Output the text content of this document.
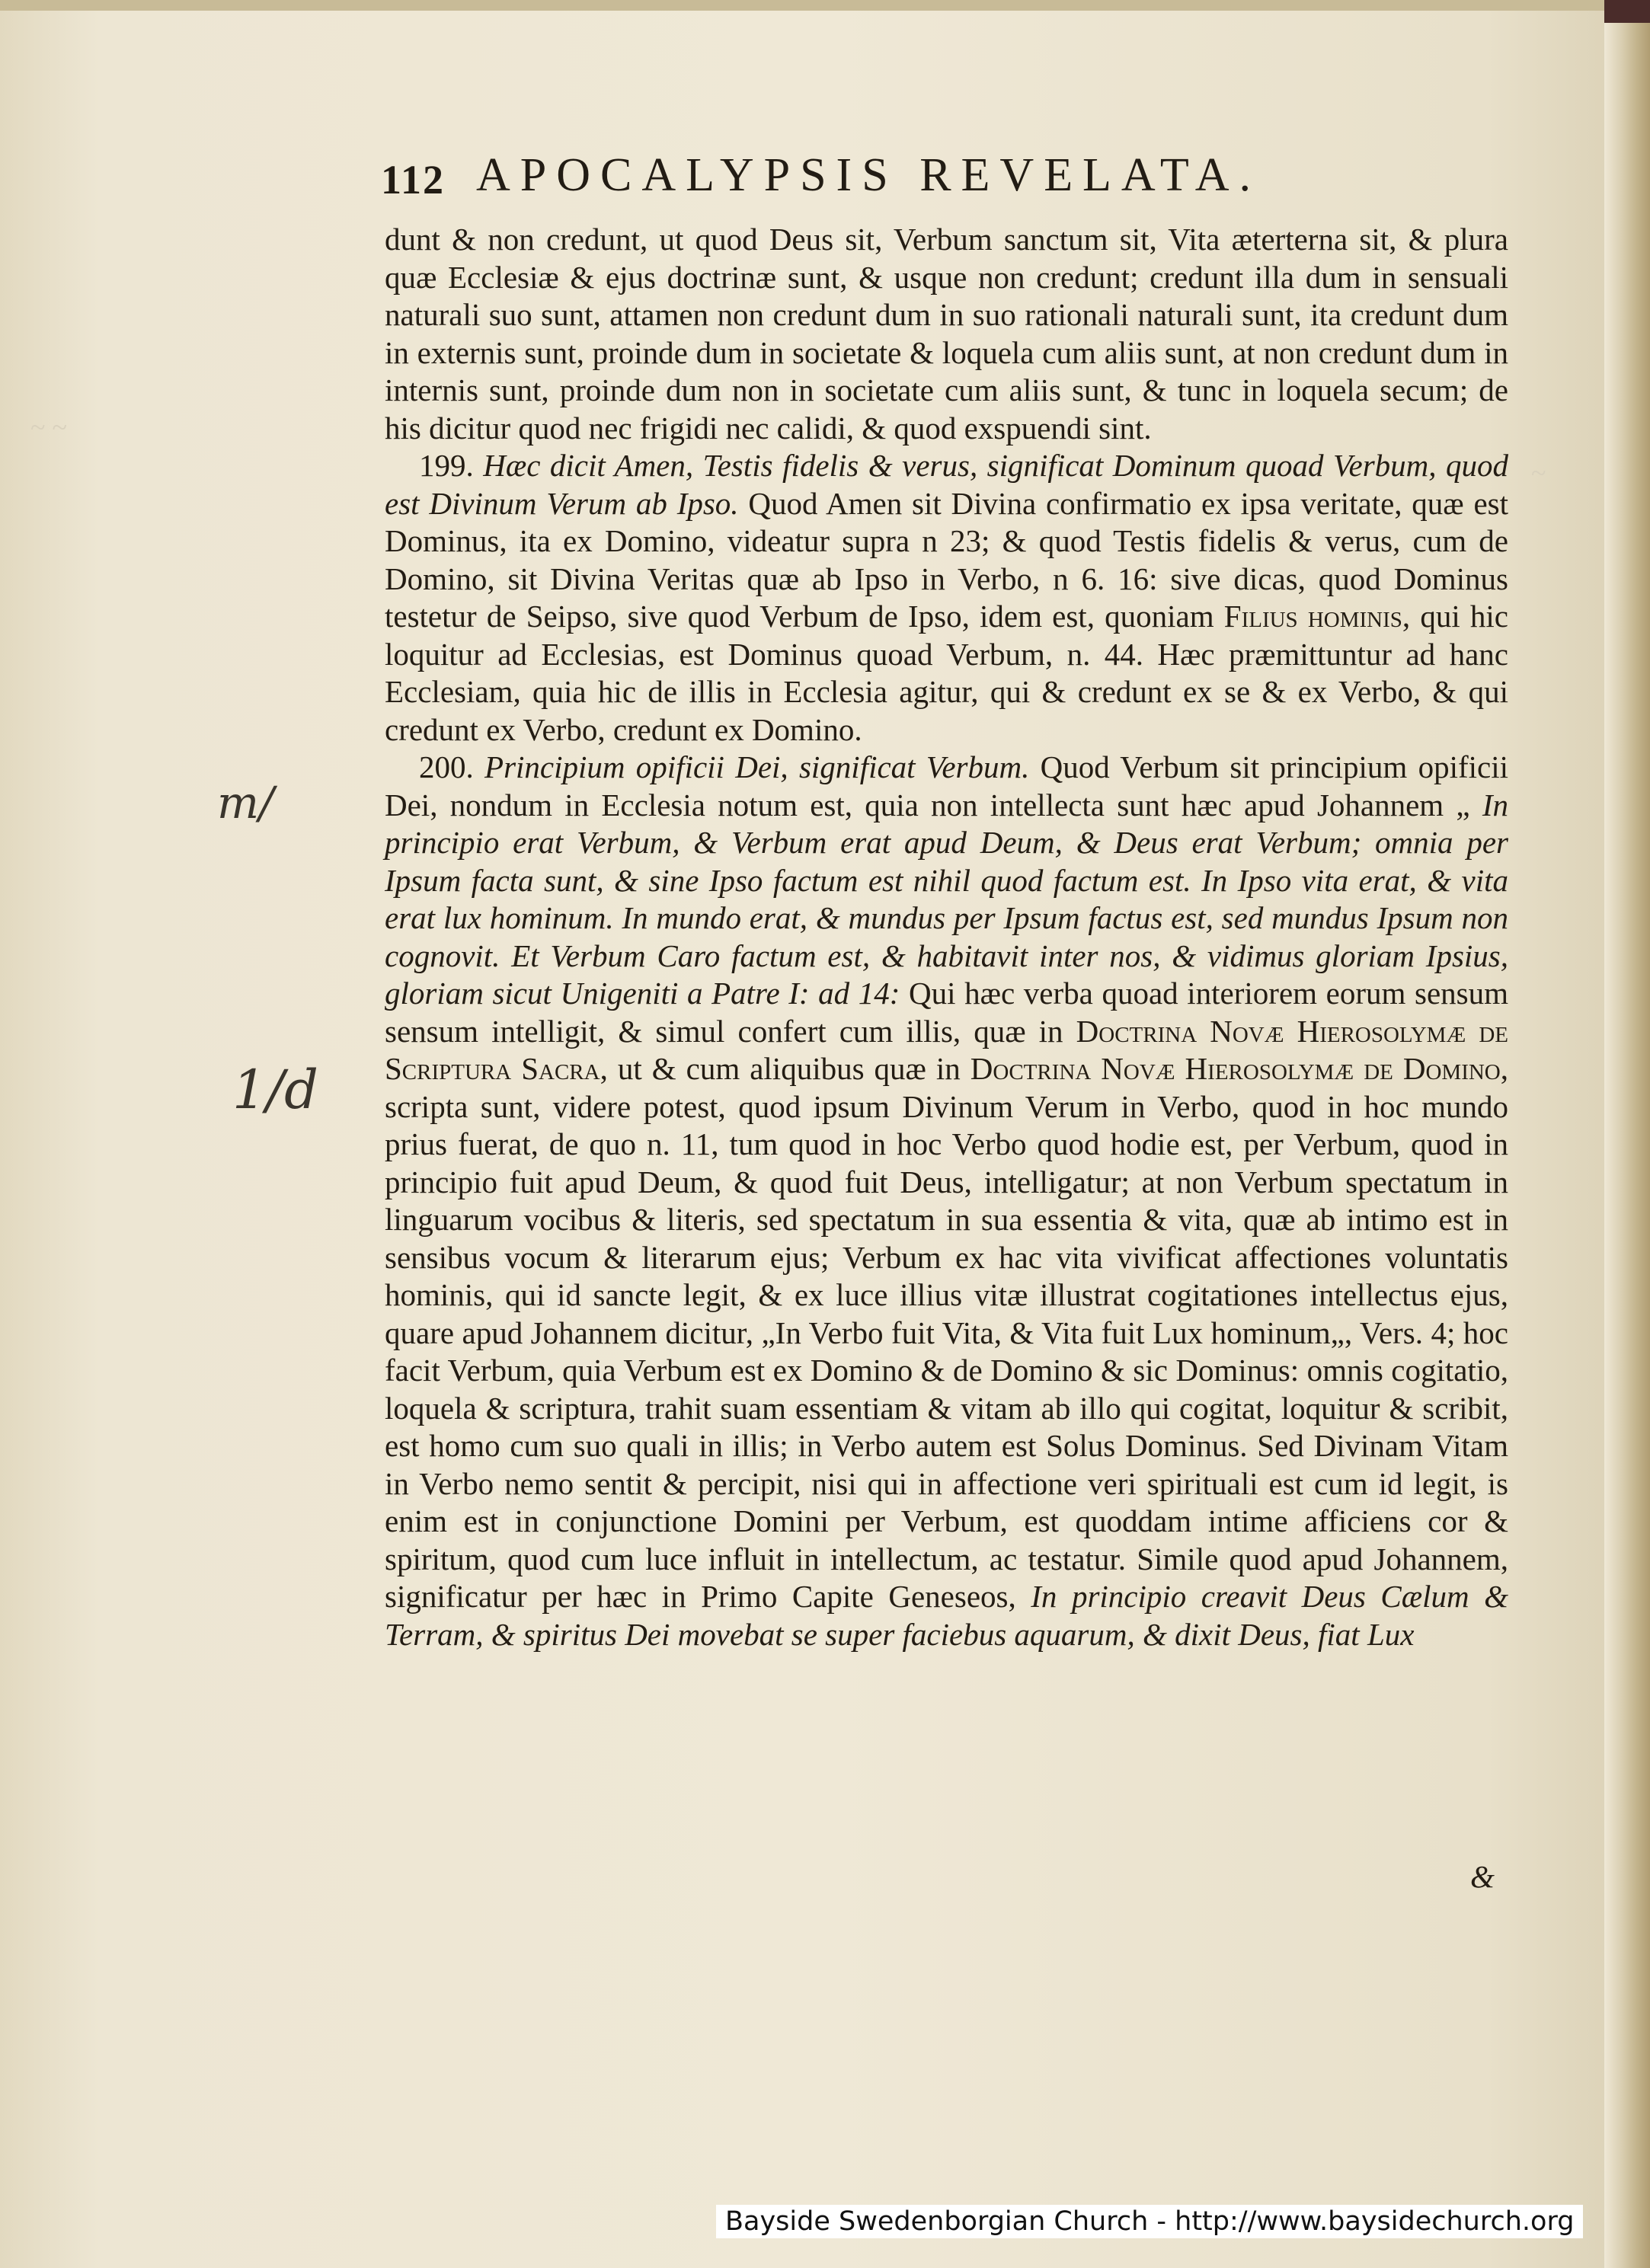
~ ~
~
112 APOCALYPSIS REVELATA.

dunt & non credunt, ut quod Deus sit, Verbum sanctum sit, Vita æterterna sit, & plura quæ Ecclesiæ & ejus doctrinæ sunt, & usque non credunt; credunt illa dum in sensuali naturali suo sunt, attamen non credunt dum in suo rationali naturali sunt, ita credunt dum in externis sunt, proinde dum in societate & loquela cum aliis sunt, at non credunt dum in internis sunt, proinde dum non in societate cum aliis sunt, & tunc in loquela secum; de his dicitur quod nec frigidi nec calidi, & quod exspuendi sint.

199. Hæc dicit Amen, Testis fidelis & verus, significat Dominum quoad Verbum, quod est Divinum Verum ab Ipso. Quod Amen sit Divina confirmatio ex ipsa veritate, quæ est Dominus, ita ex Domino, videatur supra n 23; & quod Testis fidelis & verus, cum de Domino, sit Divina Veritas quæ ab Ipso in Verbo, n 6. 16: sive dicas, quod Dominus testetur de Seipso, sive quod Verbum de Ipso, idem est, quoniam Filius hominis, qui hic loquitur ad Ecclesias, est Dominus quoad Verbum, n. 44. Hæc præmittuntur ad hanc Ecclesiam, quia hic de illis in Ecclesia agitur, qui & credunt ex se & ex Verbo, & qui credunt ex Verbo, credunt ex Domino.

200. Principium opificii Dei, significat Verbum. Quod Verbum sit principium opificii Dei, nondum in Ecclesia notum est, quia non intellecta sunt hæc apud Johannem „ In principio erat Verbum, & Verbum erat apud Deum, & Deus erat Verbum; omnia per Ipsum facta sunt, & sine Ipso factum est nihil quod factum est. In Ipso vita erat, & vita erat lux hominum. In mundo erat, & mundus per Ipsum factus est, sed mundus Ipsum non cognovit. Et Verbum Caro factum est, & habitavit inter nos, & vidimus gloriam Ipsius, gloriam sicut Unigeniti a Patre I: ad 14: Qui hæc verba quoad interiorem eorum sensum sensum intelligit, & simul confert cum illis, quæ in Doctrina Novæ Hierosolymæ de Scriptura Sacra, ut & cum aliquibus quæ in Doctrina Novæ Hierosolymæ de Domino, scripta sunt, videre potest, quod ipsum Divinum Verum in Verbo, quod in hoc mundo prius fuerat, de quo n. 11, tum quod in hoc Verbo quod hodie est, per Verbum, quod in principio fuit apud Deum, & quod fuit Deus, intelligatur; at non Verbum spectatum in linguarum vocibus & literis, sed spectatum in sua essentia & vita, quæ ab intimo est in sensibus vocum & literarum ejus; Verbum ex hac vita vivificat affectiones voluntatis hominis, qui id sancte legit, & ex luce illius vitæ illustrat cogitationes intellectus ejus, quare apud Johannem dicitur, „In Verbo fuit Vita, & Vita fuit Lux hominum„, Vers. 4; hoc facit Verbum, quia Verbum est ex Domino & de Domino & sic Dominus: omnis cogitatio, loquela & scriptura, trahit suam essentiam & vitam ab illo qui cogitat, loquitur & scribit, est homo cum suo quali in illis; in Verbo autem est Solus Dominus. Sed Divinam Vitam in Verbo nemo sentit & percipit, nisi qui in affectione veri spirituali est cum id legit, is enim est in conjunctione Domini per Verbum, est quoddam intime afficiens cor & spiritum, quod cum luce influit in intellectum, ac testatur. Simile quod apud Johannem, significatur per hæc in Primo Capite Geneseos, In principio creavit Deus Cælum & Terram, & spiritus Dei movebat se super faciebus aquarum, & dixit Deus, fiat Lux

&
m/
1/d
Bayside Swedenborgian Church - http://www.baysidechurch.org
